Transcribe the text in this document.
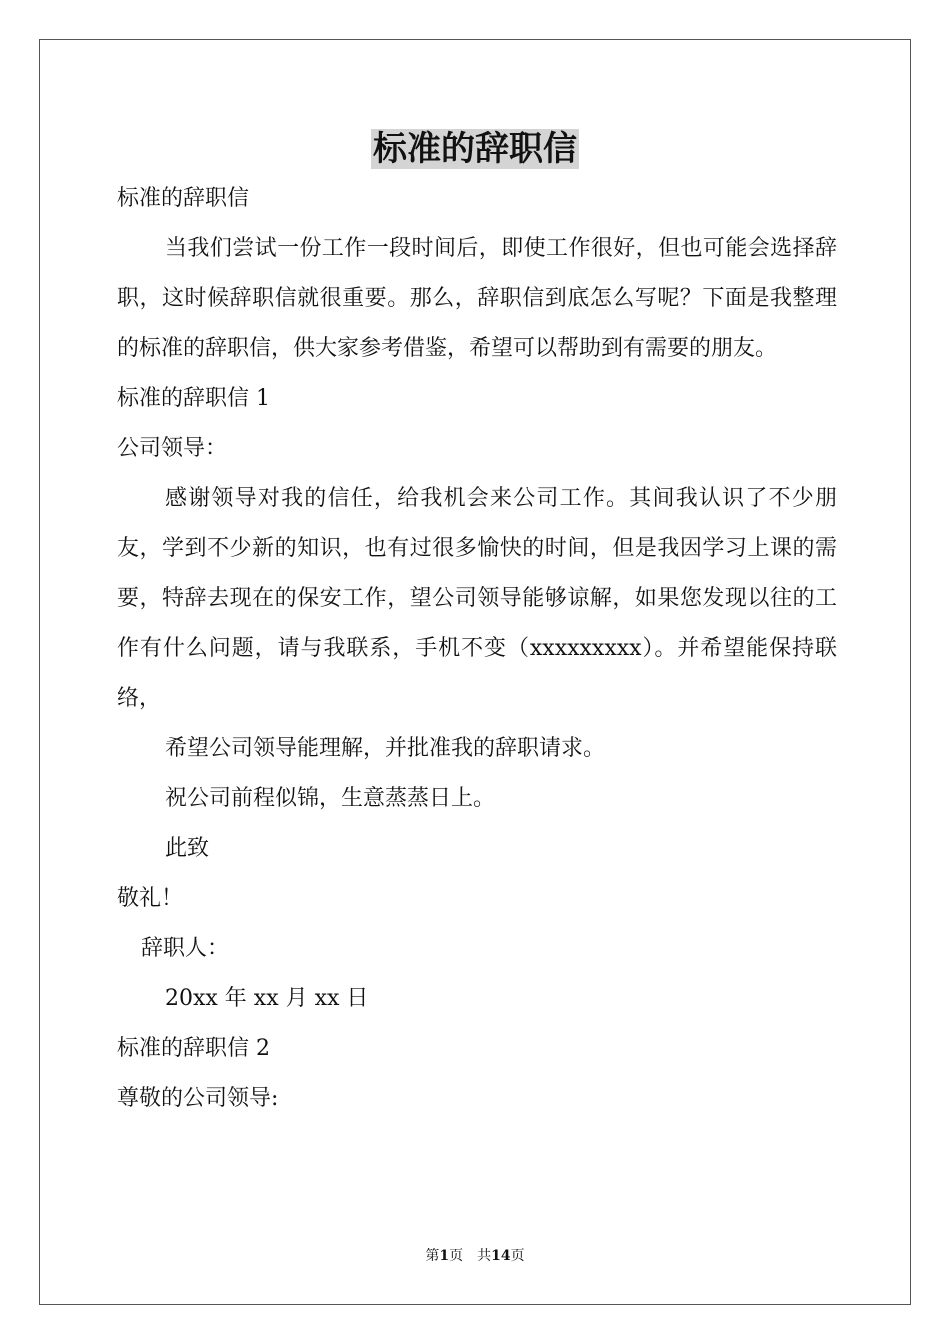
标准的辞职信

标准的辞职信

当我们尝试一份工作一段时间后，即使工作很好，但也可能会选择辞职，这时候辞职信就很重要。那么，辞职信到底怎么写呢？下面是我整理的标准的辞职信，供大家参考借鉴，希望可以帮助到有需要的朋友。

标准的辞职信 1

公司领导：

感谢领导对我的信任，给我机会来公司工作。其间我认识了不少朋友，学到不少新的知识，也有过很多愉快的时间，但是我因学习上课的需要，特辞去现在的保安工作，望公司领导能够谅解，如果您发现以往的工作有什么问题，请与我联系，手机不变（xxxxxxxxx）。并希望能保持联络，

希望公司领导能理解，并批准我的辞职请求。

祝公司前程似锦，生意蒸蒸日上。

此致

敬礼！

辞职人：

20xx 年 xx 月 xx 日

标准的辞职信 2

尊敬的公司领导:

第1页　共14页
